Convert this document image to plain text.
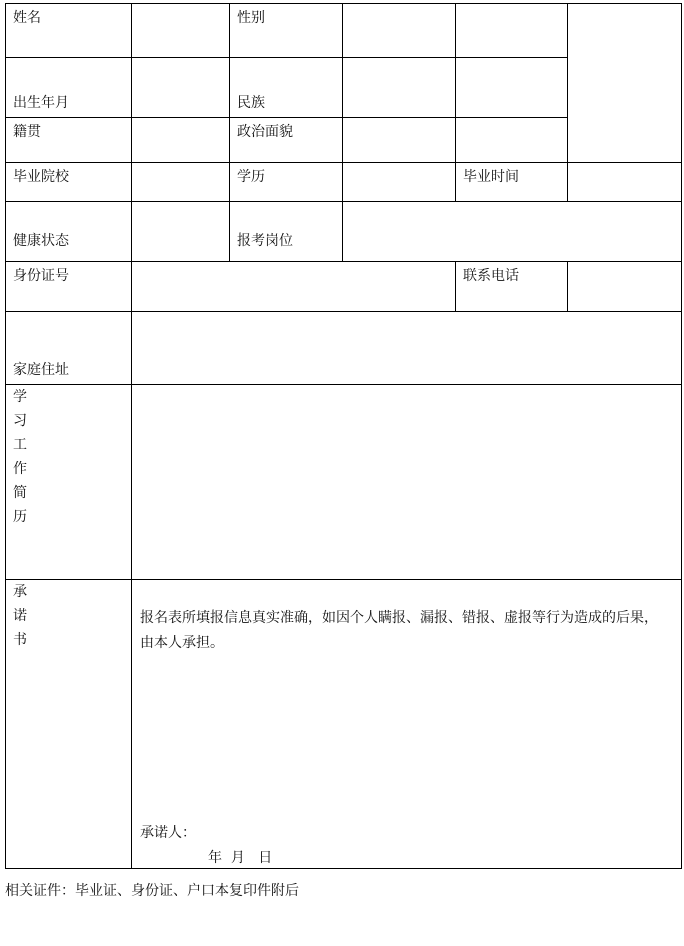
姓名		性别			
出生年月		民族			
籍贯		政治面貌			
毕业院校		学历		毕业时间	
健康状态		报考岗位			
身份证号				联系电话	
家庭住址					

学习工作简历					

承诺书	报名表所填报信息真实准确，如因个人瞒报、漏报、错报、虚报等行为造成的后果，由本人承担。
承诺人：
年  月   日				
相关证件：毕业证、身份证、户口本复印件附后
